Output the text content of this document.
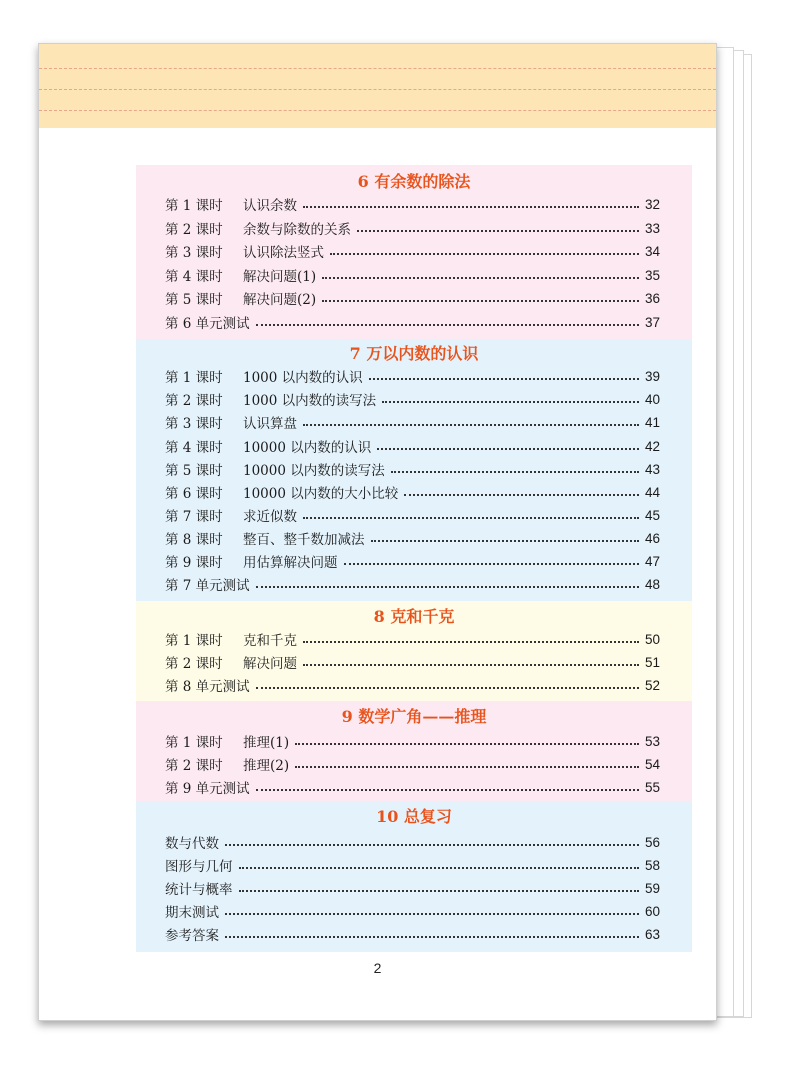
6 有余数的除法
第 1 课时	认识余数	32
第 2 课时	余数与除数的关系	33
第 3 课时	认识除法竖式	34
第 4 课时	解决问题(1)	35
第 5 课时	解决问题(2)	36
第 6 单元测试	37
7 万以内数的认识
第 1 课时	1000 以内数的认识	39
第 2 课时	1000 以内数的读写法	40
第 3 课时	认识算盘	41
第 4 课时	10000 以内数的认识	42
第 5 课时	10000 以内数的读写法	43
第 6 课时	10000 以内数的大小比较	44
第 7 课时	求近似数	45
第 8 课时	整百、整千数加减法	46
第 9 课时	用估算解决问题	47
第 7 单元测试	48
8 克和千克
第 1 课时	克和千克	50
第 2 课时	解决问题	51
第 8 单元测试	52
9 数学广角——推理
第 1 课时	推理(1)	53
第 2 课时	推理(2)	54
第 9 单元测试	55
10 总复习
数与代数	56
图形与几何	58
统计与概率	59
期末测试	60
参考答案	63
2
